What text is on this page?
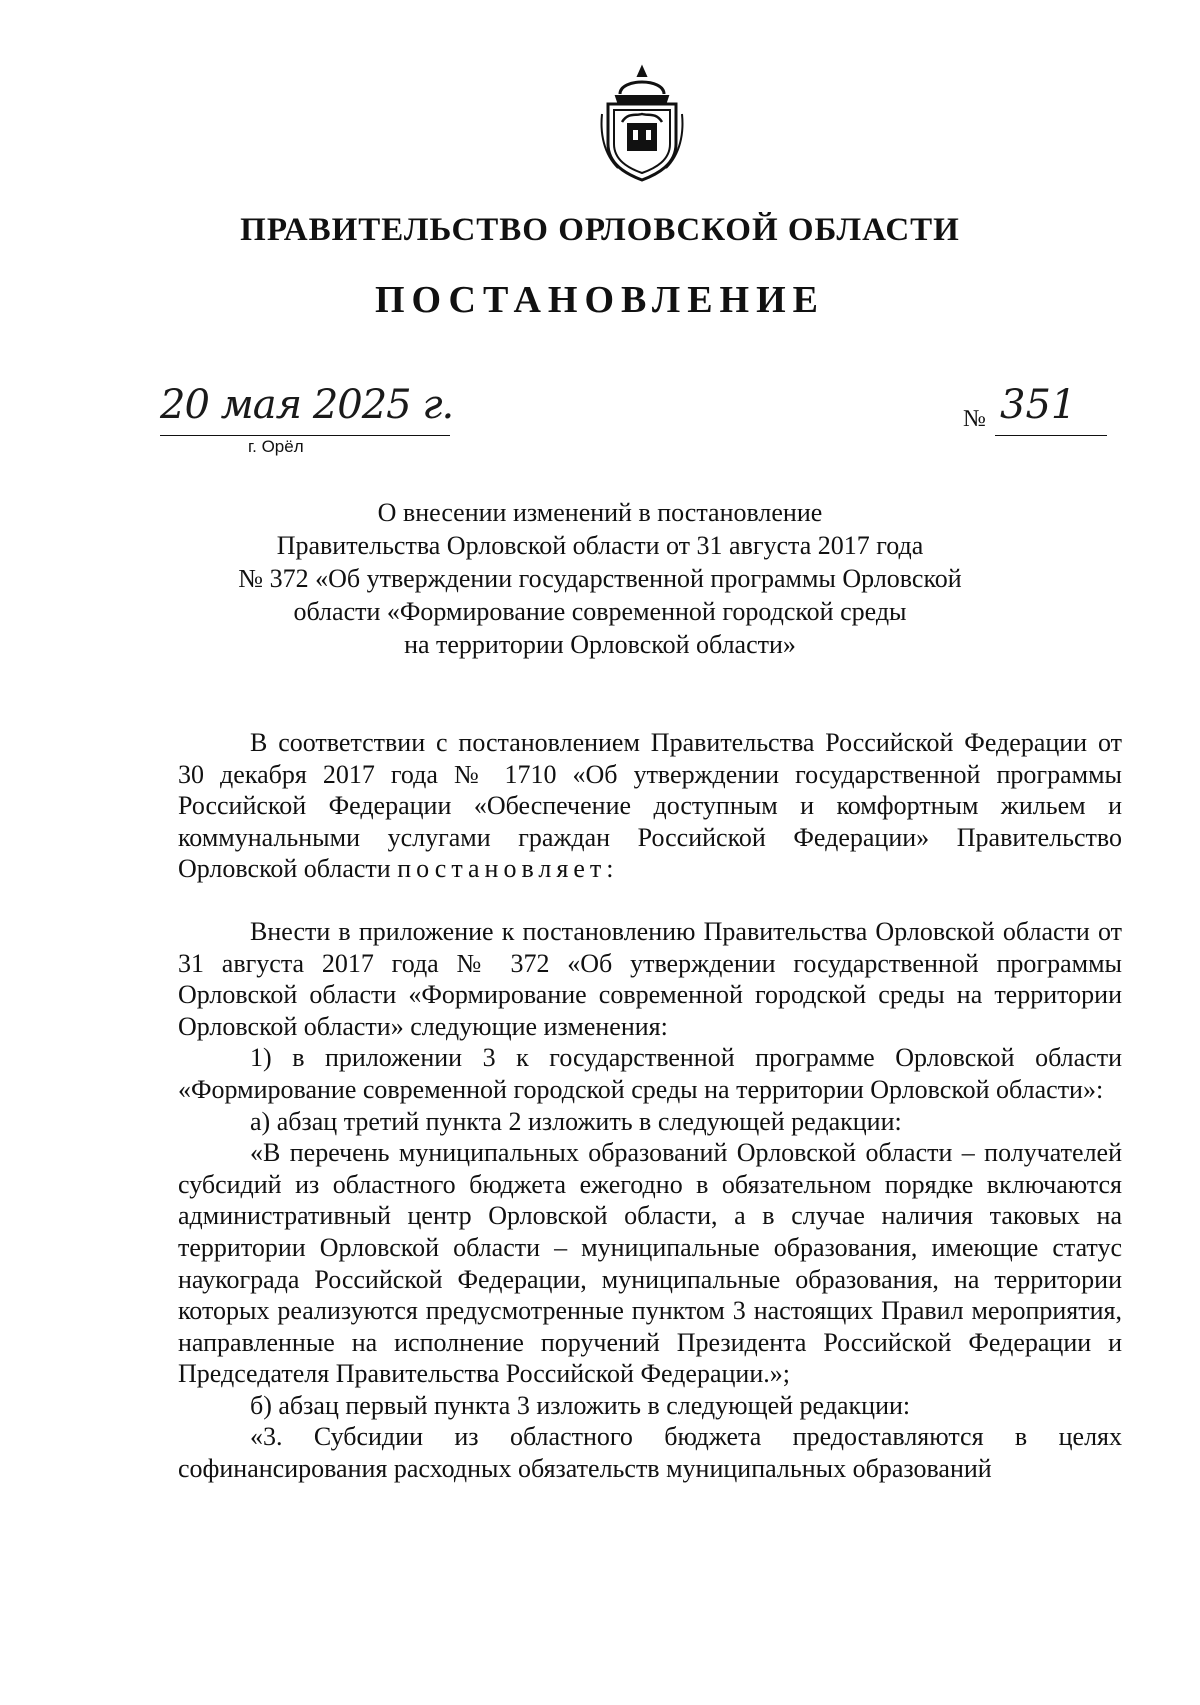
ПРАВИТЕЛЬСТВО ОРЛОВСКОЙ ОБЛАСТИ
ПОСТАНОВЛЕНИЕ
20 мая 2025 г.
г. Орёл
№ 351
О внесении изменений в постановление
Правительства Орловской области от 31 августа 2017 года
№ 372 «Об утверждении государственной программы Орловской
области «Формирование современной городской среды
на территории Орловской области»

В соответствии с постановлением Правительства Российской Федерации от 30 декабря 2017 года № 1710 «Об утверждении государственной программы Российской Федерации «Обеспечение доступным и комфортным жильем и коммунальными услугами граждан Российской Федерации» Правительство Орловской области постановляет:

Внести в приложение к постановлению Правительства Орловской области от 31 августа 2017 года № 372 «Об утверждении государственной программы Орловской области «Формирование современной городской среды на территории Орловской области» следующие изменения:

1) в приложении 3 к государственной программе Орловской области «Формирование современной городской среды на территории Орловской области»:

а) абзац третий пункта 2 изложить в следующей редакции:

«В перечень муниципальных образований Орловской области – получателей субсидий из областного бюджета ежегодно в обязательном порядке включаются административный центр Орловской области, а в случае наличия таковых на территории Орловской области – муниципальные образования, имеющие статус наукограда Российской Федерации, муниципальные образования, на территории которых реализуются предусмотренные пунктом 3 настоящих Правил мероприятия, направленные на исполнение поручений Президента Российской Федерации и Председателя Правительства Российской Федерации.»;

б) абзац первый пункта 3 изложить в следующей редакции:

«3. Субсидии из областного бюджета предоставляются в целях софинансирования расходных обязательств муниципальных образований
